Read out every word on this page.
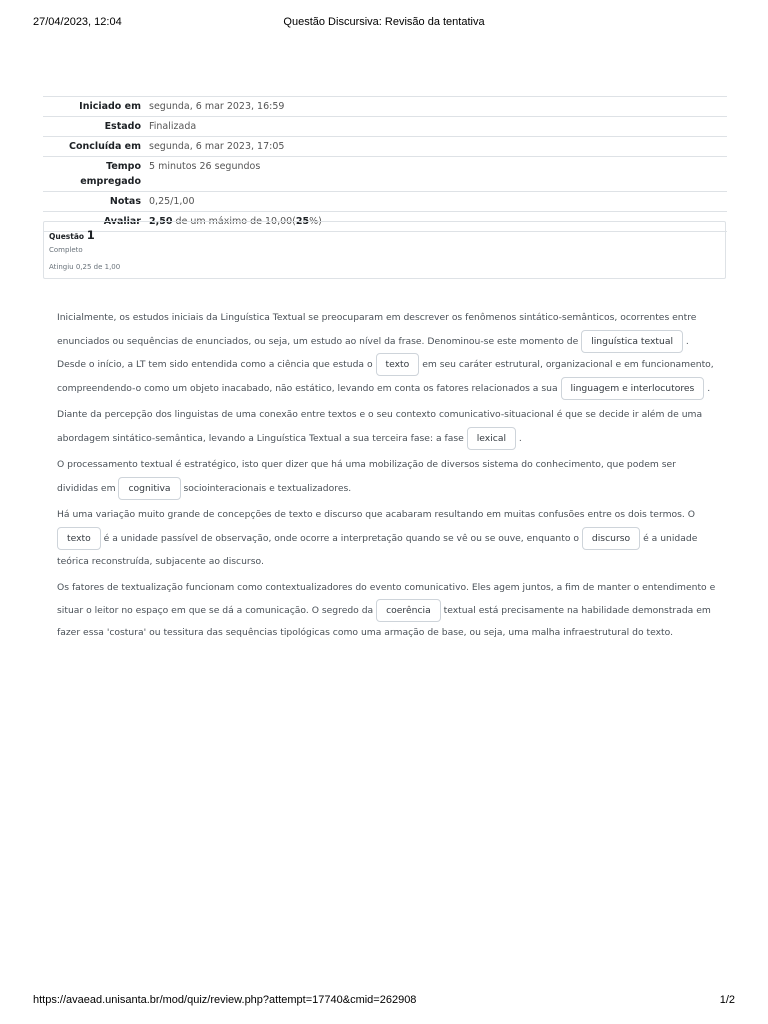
27/04/2023, 12:04	Questão Discursiva: Revisão da tentativa
Iniciado em	segunda, 6 mar 2023, 16:59
Estado	Finalizada
Concluída em	segunda, 6 mar 2023, 17:05
Tempo
empregado	5 minutos 26 segundos
Notas	0,25/1,00
Avaliar	2,50 de um máximo de 10,00(25%)
Questão 1
Completo
Atingiu 0,25 de 1,00

Inicialmente, os estudos iniciais da Linguística Textual se preocuparam em descrever os fenômenos sintático-semânticos, ocorrentes entre enunciados ou sequências de enunciados, ou seja, um estudo ao nível da frase. Denominou-se este momento de linguística textual . Desde o início, a LT tem sido entendida como a ciência que estuda o texto em seu caráter estrutural, organizacional e em funcionamento, compreendendo-o como um objeto inacabado, não estático, levando em conta os fatores relacionados a sua linguagem e interlocutores .

Diante da percepção dos linguistas de uma conexão entre textos e o seu contexto comunicativo-situacional é que se decide ir além de uma abordagem sintático-semântica, levando a Linguística Textual a sua terceira fase: a fase lexical .

O processamento textual é estratégico, isto quer dizer que há uma mobilização de diversos sistema do conhecimento, que podem ser divididas em cognitiva sociointeracionais e textualizadores.

Há uma variação muito grande de concepções de texto e discurso que acabaram resultando em muitas confusões entre os dois termos. O texto é a unidade passível de observação, onde ocorre a interpretação quando se vê ou se ouve, enquanto o discurso é a unidade teórica reconstruída, subjacente ao discurso.

Os fatores de textualização funcionam como contextualizadores do evento comunicativo. Eles agem juntos, a fim de manter o entendimento e situar o leitor no espaço em que se dá a comunicação. O segredo da coerência textual está precisamente na habilidade demonstrada em fazer essa 'costura' ou tessitura das sequências tipológicas como uma armação de base, ou seja, uma malha infraestrutural do texto.

https://avaead.unisanta.br/mod/quiz/review.php?attempt=17740&cmid=262908	1/2
